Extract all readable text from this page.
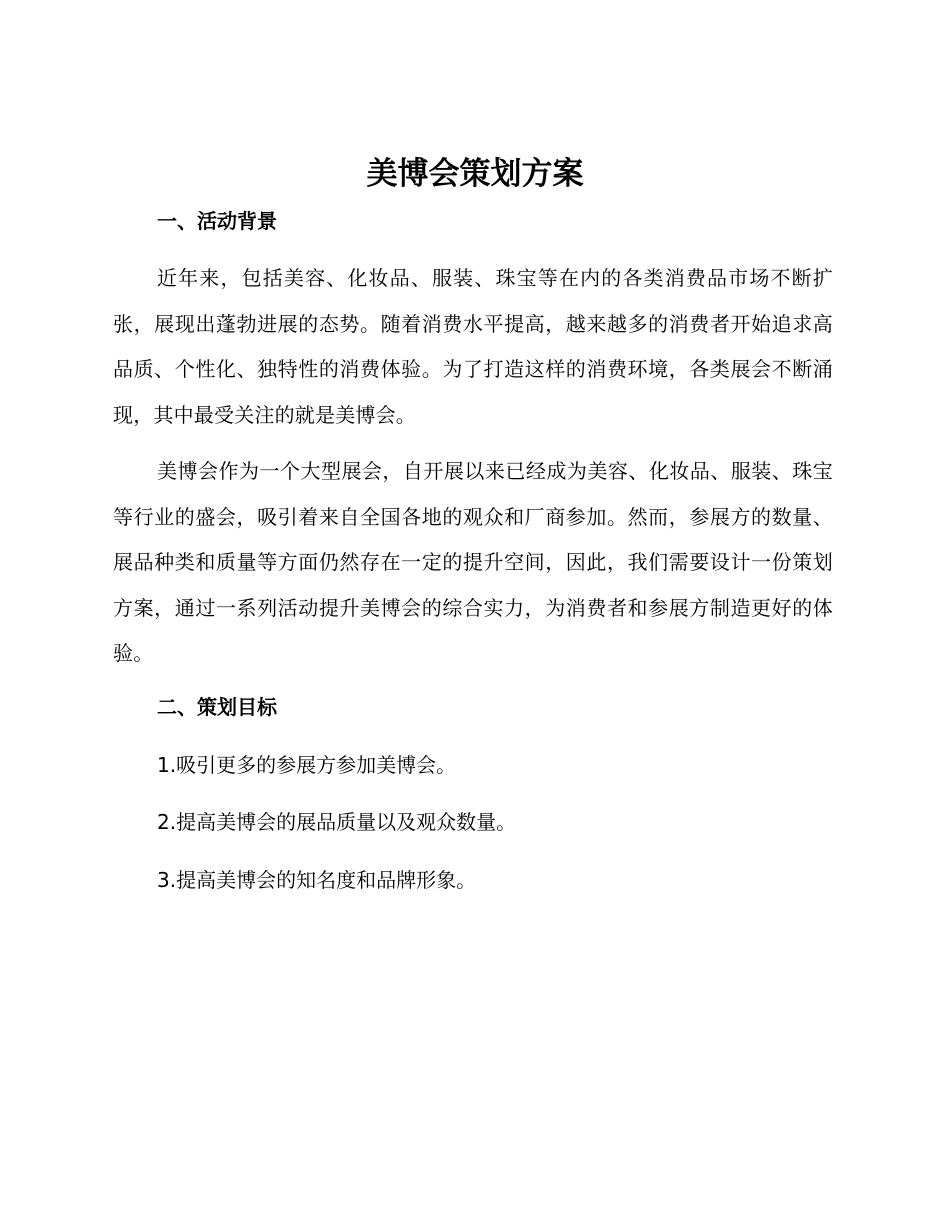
美博会策划方案
一、活动背景

近年来，包括美容、化妆品、服装、珠宝等在内的各类消费品市场不断扩张，展现出蓬勃进展的态势。随着消费水平提高，越来越多的消费者开始追求高品质、个性化、独特性的消费体验。为了打造这样的消费环境，各类展会不断涌现，其中最受关注的就是美博会。

美博会作为一个大型展会，自开展以来已经成为美容、化妆品、服装、珠宝等行业的盛会，吸引着来自全国各地的观众和厂商参加。然而，参展方的数量、展品种类和质量等方面仍然存在一定的提升空间，因此，我们需要设计一份策划方案，通过一系列活动提升美博会的综合实力，为消费者和参展方制造更好的体验。

二、策划目标

1.吸引更多的参展方参加美博会。

2.提高美博会的展品质量以及观众数量。

3.提高美博会的知名度和品牌形象。
